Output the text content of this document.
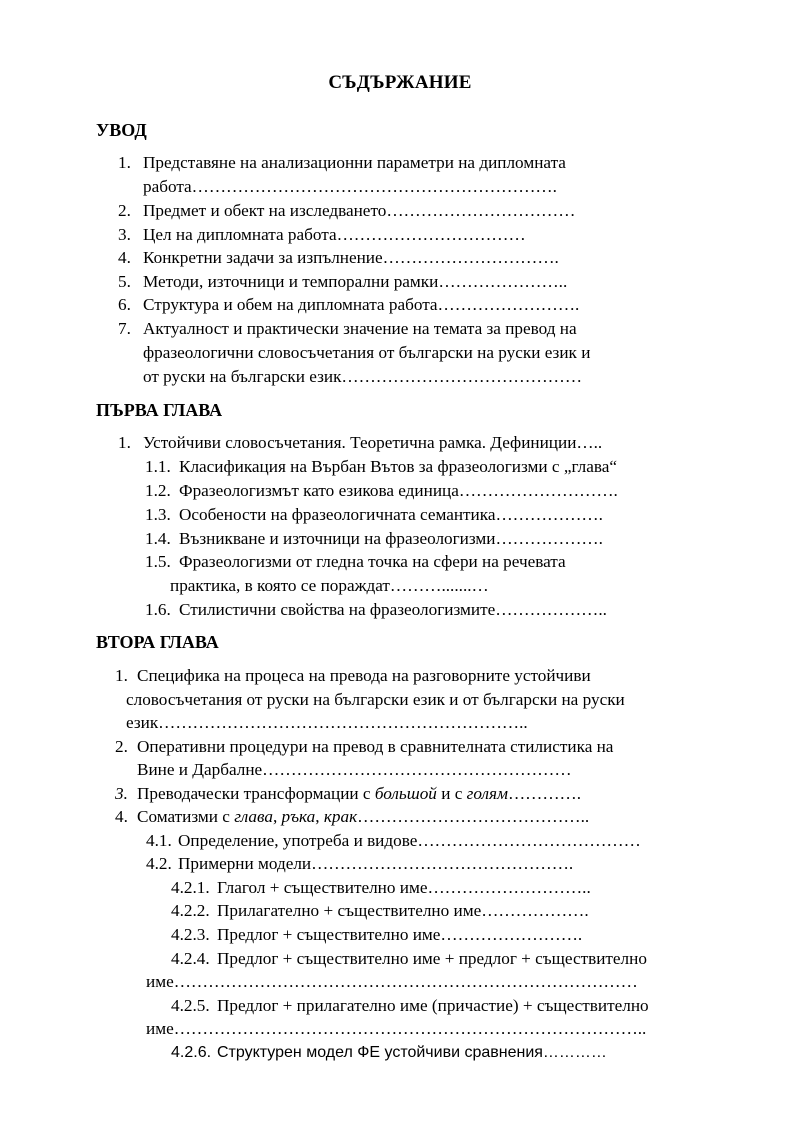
СЪДЪРЖАНИЕ
УВОД
1. Представяне на анализационни параметри на дипломната
работа……………………………………………………….
2. Предмет и обект на изследването……………………………
3. Цел на дипломната работа……………………………
4. Конкретни задачи за изпълнение………………………….
5. Методи, източници и темпорални рамки…………………..
6. Структура и обем на дипломната работа…………………….
7. Актуалност и практически значение на темата за превод на
фразеологични словосъчетания от български на руски език и
от руски на български език……………………………………
ПЪРВА ГЛАВА
1. Устойчиви словосъчетания. Теоретична рамка. Дефиниции…..
1.1. Класификация на Върбан Вътов за фразеологизми с „глава“
1.2. Фразеологизмът като езикова единица……………………….
1.3. Особености на фразеологичната семантика……………….
1.4. Възникване и източници на фразеологизми……………….
1.5. Фразеологизми от гледна точка на сфери на речевата
практика, в която се пораждат……….......…
1.6. Стилистични свойства на фразеологизмите………………..
ВТОРА ГЛАВА
1. Специфика на процеса на превода на разговорните устойчиви
словосъчетания от руски на български език и от български на руски
език………………………………………………………..
2. Оперативни процедури на превод в сравнителната стилистика на
Вине и Дарбалне………………………………………………
3. Преводачески трансформации с большой и с голям………….
4. Соматизми с глава, ръка, крак…………………………………..
4.1. Определение, употреба и видове…………………………………
4.2. Примерни модели……………………………………….
4.2.1. Глагол + съществително име………………………..
4.2.2. Прилагателно + съществително име……………….
4.2.3. Предлог + съществително име…………………….
4.2.4. Предлог + съществително име + предлог + съществително
име………………………………………………………………………
4.2.5. Предлог + прилагателно име (причастие) + съществително
име………………………………………………………………………..
4.2.6. Структурен модел ФЕ устойчиви сравнения…………
